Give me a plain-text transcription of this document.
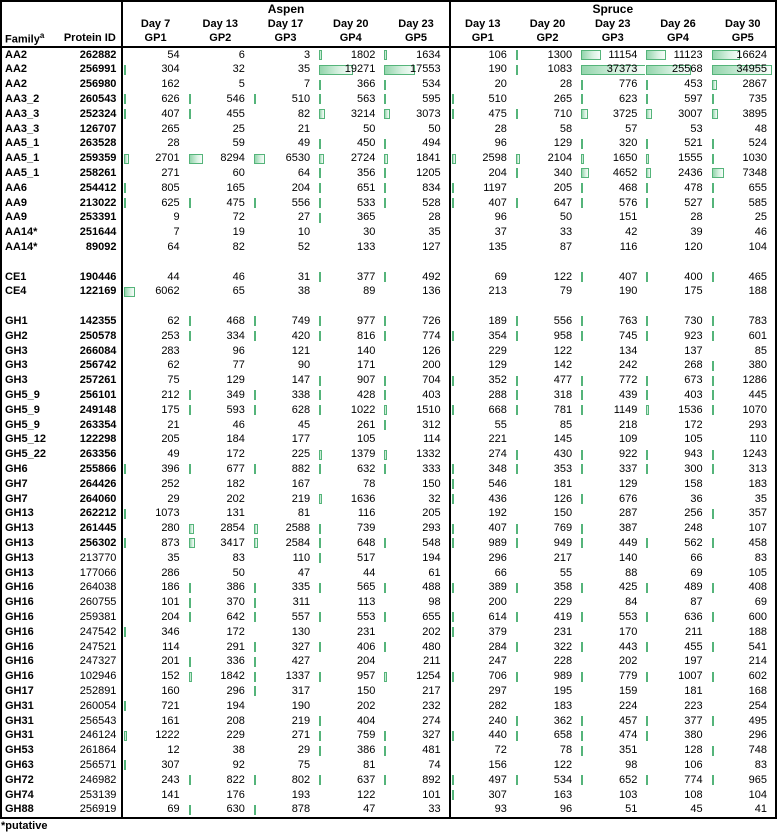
		Aspen					Spruce				
		Day 7	Day 13	Day 17	Day 20	Day 23	Day 13	Day 20	Day 23	Day 26	Day 30
Family$^a$	Protein ID	GP1	GP2	GP3	GP4	GP5	GP1	GP2	GP3	GP4	GP5
AA2	262882	54	6	3	1802	1634	106	1300	11154	11123	16624
AA2	256991	304	32	35	19271	17553	190	1083	37373	25568	34955
AA2	256980	162	5	7	366	534	20	28	776	453	2867
AA3_2	260543	626	546	510	563	595	510	265	623	597	735
AA3_3	252324	407	455	82	3214	3073	475	710	3725	3007	3895
AA3_3	126707	265	25	21	50	50	28	58	57	53	48
AA5_1	263528	28	59	49	450	494	96	129	320	521	524
AA5_1	259359	2701	8294	6530	2724	1841	2598	2104	1650	1555	1030
AA5_1	258261	271	60	64	356	1205	204	340	4652	2436	7348
AA6	254412	805	165	204	651	834	1197	205	468	478	655
AA9	213022	625	475	556	533	528	407	647	576	527	585
AA9	253391	9	72	27	365	28	96	50	151	28	25
AA14*	251644	7	19	10	30	35	37	33	42	39	46
AA14*	89092	64	82	52	133	127	135	87	116	120	104

CE1	190446	44	46	31	377	492	69	122	407	400	465
CE4	122169	6062	65	38	89	136	213	79	190	175	188

GH1	142355	62	468	749	977	726	189	556	763	730	783
GH2	250578	253	334	420	816	774	354	958	745	923	601
GH3	266084	283	96	121	140	126	229	122	134	137	85
GH3	256742	62	77	90	171	200	129	142	242	268	380
GH3	257261	75	129	147	907	704	352	477	772	673	1286
GH5_9	256101	212	349	338	428	403	288	318	439	403	445
GH5_9	249148	175	593	628	1022	1510	668	781	1149	1536	1070
GH5_9	263354	21	46	45	261	312	55	85	218	172	293
GH5_12	122298	205	184	177	105	114	221	145	109	105	110
GH5_22	263356	49	172	225	1379	1332	274	430	922	943	1243
GH6	255866	396	677	882	632	333	348	353	337	300	313
GH7	264426	252	182	167	78	150	546	181	129	158	183
GH7	264060	29	202	219	1636	32	436	126	676	36	35
GH13	262212	1073	131	81	116	205	192	150	287	256	357
GH13	261445	280	2854	2588	739	293	407	769	387	248	107
GH13	256302	873	3417	2584	648	548	989	949	449	562	458
GH13	213770	35	83	110	517	194	296	217	140	66	83
GH13	177066	286	50	47	44	61	66	55	88	69	105
GH16	264038	186	386	335	565	488	389	358	425	489	408
GH16	260755	101	370	311	113	98	200	229	84	87	69
GH16	259381	204	642	557	553	655	614	419	553	636	600
GH16	247542	346	172	130	231	202	379	231	170	211	188
GH16	247521	114	291	327	406	480	284	322	443	455	541
GH16	247327	201	336	427	204	211	247	228	202	197	214
GH16	102946	152	1842	1337	957	1254	706	989	779	1007	602
GH17	252891	160	296	317	150	217	297	195	159	181	168
GH31	260054	721	194	190	202	232	282	183	224	223	254
GH31	256543	161	208	219	404	274	240	362	457	377	495
GH31	246124	1222	229	271	759	327	440	658	474	380	296
GH53	261864	12	38	29	386	481	72	78	351	128	748
GH63	256571	307	92	75	81	74	156	122	98	106	83
GH72	246982	243	822	802	637	892	497	534	652	774	965
GH74	253139	141	176	193	122	101	307	163	103	108	104
GH88	256919	69	630	878	47	33	93	96	51	45	41
*putative
